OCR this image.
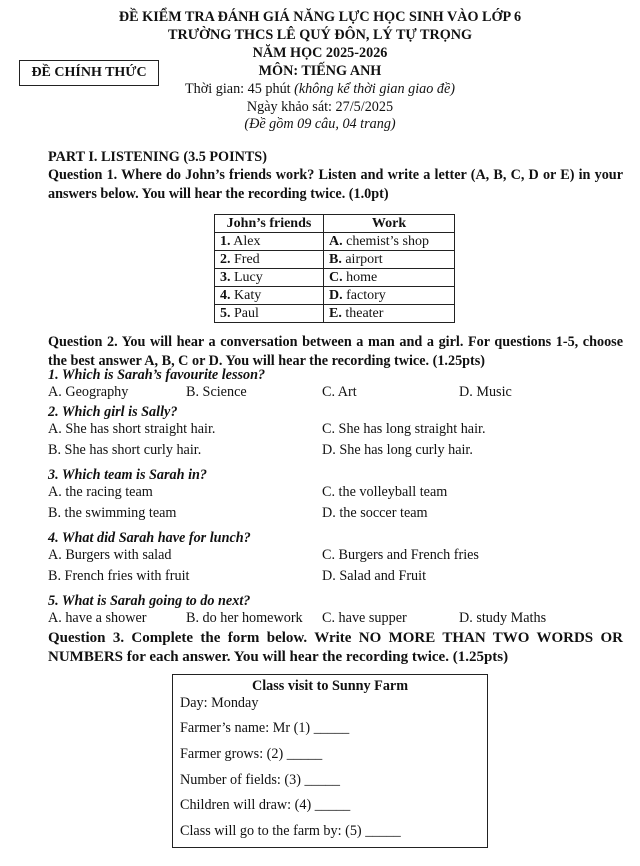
ĐỀ KIỂM TRA ĐÁNH GIÁ NĂNG LỰC HỌC SINH VÀO LỚP 6
TRƯỜNG THCS LÊ QUÝ ĐÔN, LÝ TỰ TRỌNG
NĂM HỌC 2025-2026
ĐỀ CHÍNH THỨC	MÔN: TIẾNG ANH
Thời gian: 45 phút (không kể thời gian giao đề)
Ngày khảo sát: 27/5/2025
(Đề gồm 09 câu, 04 trang)
PART I. LISTENING (3.5 POINTS)
Question 1. Where do John’s friends work? Listen and write a letter (A, B, C, D or E) in your answers below. You will hear the recording twice. (1.0pt)
John’s friends	Work
1. Alex	A. chemist’s shop
2. Fred	B. airport
3. Lucy	C. home
4. Katy	D. factory
5. Paul	E. theater
Question 2. You will hear a conversation between a man and a girl. For questions 1-5, choose the best answer A, B, C or D. You will hear the recording twice. (1.25pts)
1. Which is Sarah’s favourite lesson?
A. Geography	B. Science	C. Art	D. Music
2. Which girl is Sally?
A. She has short straight hair.
B. She has short curly hair.
C. She has long straight hair.
D. She has long curly hair.
3. Which team is Sarah in?
A. the racing team
B. the swimming team
C. the volleyball team
D. the soccer team
4. What did Sarah have for lunch?
A. Burgers with salad
B. French fries with fruit
C. Burgers and French fries
D. Salad and Fruit
5. What is Sarah going to do next?
A. have a shower	B. do her homework C. have supper	D. study Maths
Question 3. Complete the form below. Write NO MORE THAN TWO WORDS OR NUMBERS for each answer. You will hear the recording twice. (1.25pts)
Class visit to Sunny Farm
Day: Monday
Farmer’s name: Mr (1) _____
Farmer grows: (2) _____
Number of fields: (3) _____
Children will draw: (4) _____
Class will go to the farm by: (5) _____
